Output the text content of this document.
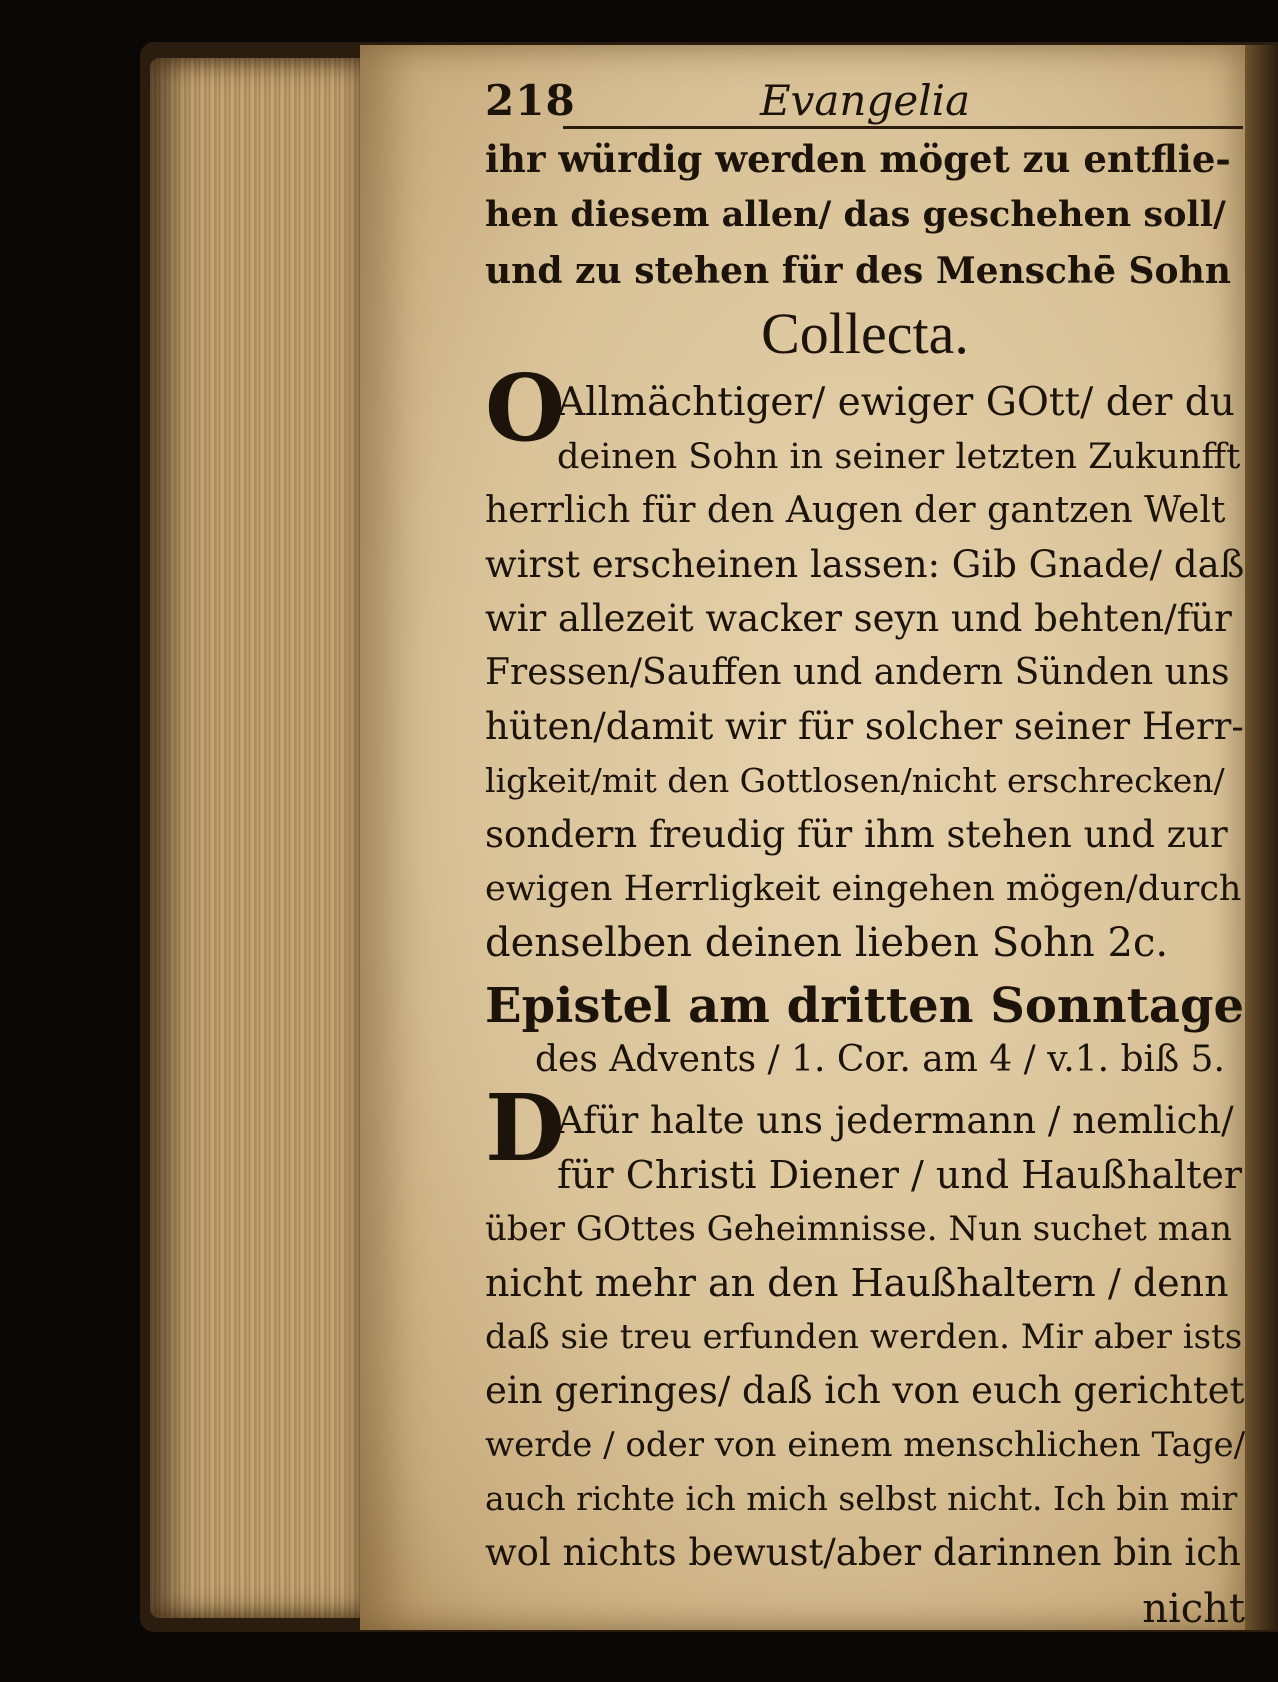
218	Evangelia
ihr würdig werden möget zu entflie-
hen diesem allen/ das geschehen soll/
und zu stehen für des Menschē Sohn
Collecta.
O
Allmächtiger/ ewiger GOtt/ der du
deinen Sohn in seiner letzten Zukunfft
herrlich für den Augen der gantzen Welt
wirst erscheinen lassen: Gib Gnade/ daß
wir allezeit wacker seyn und behten/für
Fressen/Sauffen und andern Sünden uns
hüten/damit wir für solcher seiner Herr-
ligkeit/mit den Gottlosen/nicht erschrecken/
sondern freudig für ihm stehen und zur
ewigen Herrligkeit eingehen mögen/durch
denselben deinen lieben Sohn 2c.
Epistel am dritten Sonntage
des Advents / 1. Cor. am 4 / v.1. biß 5.
D
Afür halte uns jedermann / nemlich/
für Christi Diener / und Haußhalter
über GOttes Geheimnisse. Nun suchet man
nicht mehr an den Haußhaltern / denn
daß sie treu erfunden werden. Mir aber ists
ein geringes/ daß ich von euch gerichtet
werde / oder von einem menschlichen Tage/
auch richte ich mich selbst nicht. Ich bin mir
wol nichts bewust/aber darinnen bin ich
nicht
